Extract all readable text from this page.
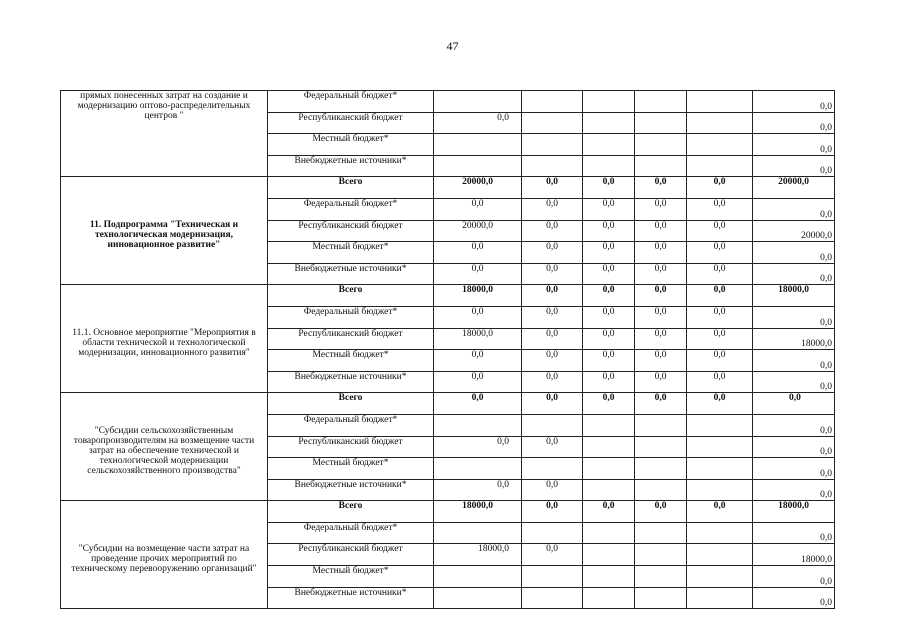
47
прямых понесенных затрат на создание и модернизацию оптово-распределительных центров "	Федеральный бюджет*						0,0
	Республиканский бюджет	0,0					0,0
	Местный бюджет*						0,0
	Внебюджетные источники*						0,0
11. Подпрограмма "Техническая и технологическая модернизация, инновационное развитие"	Всего	20000,0	0,0	0,0	0,0	0,0	20000,0
	Федеральный бюджет*	0,0	0,0	0,0	0,0	0,0	0,0
	Республиканский бюджет	20000,0	0,0	0,0	0,0	0,0	20000,0
	Местный бюджет*	0,0	0,0	0,0	0,0	0,0	0,0
	Внебюджетные источники*	0,0	0,0	0,0	0,0	0,0	0,0
11.1. Основное мероприятие "Мероприятия в области технической и технологической модернизации, инновационного развития"	Всего	18000,0	0,0	0,0	0,0	0,0	18000,0
	Федеральный бюджет*	0,0	0,0	0,0	0,0	0,0	0,0
	Республиканский бюджет	18000,0	0,0	0,0	0,0	0,0	18000,0
	Местный бюджет*	0,0	0,0	0,0	0,0	0,0	0,0
	Внебюджетные источники*	0,0	0,0	0,0	0,0	0,0	0,0
"Субсидии сельскохозяйственным товаропроизводителям на возмещение части затрат на обеспечение технической и технологической модернизации сельскохозяйственного производства"	Всего	0,0	0,0	0,0	0,0	0,0	0,0
	Федеральный бюджет*						0,0
	Республиканский бюджет	0,0	0,0				0,0
	Местный бюджет*						0,0
	Внебюджетные источники*	0,0	0,0				0,0
"Субсидии на возмещение части затрат на проведение прочих мероприятий по техническому перевооружению организаций"	Всего	18000,0	0,0	0,0	0,0	0,0	18000,0
	Федеральный бюджет*						0,0
	Республиканский бюджет	18000,0	0,0				18000,0
	Местный бюджет*						0,0
	Внебюджетные источники*						0,0
